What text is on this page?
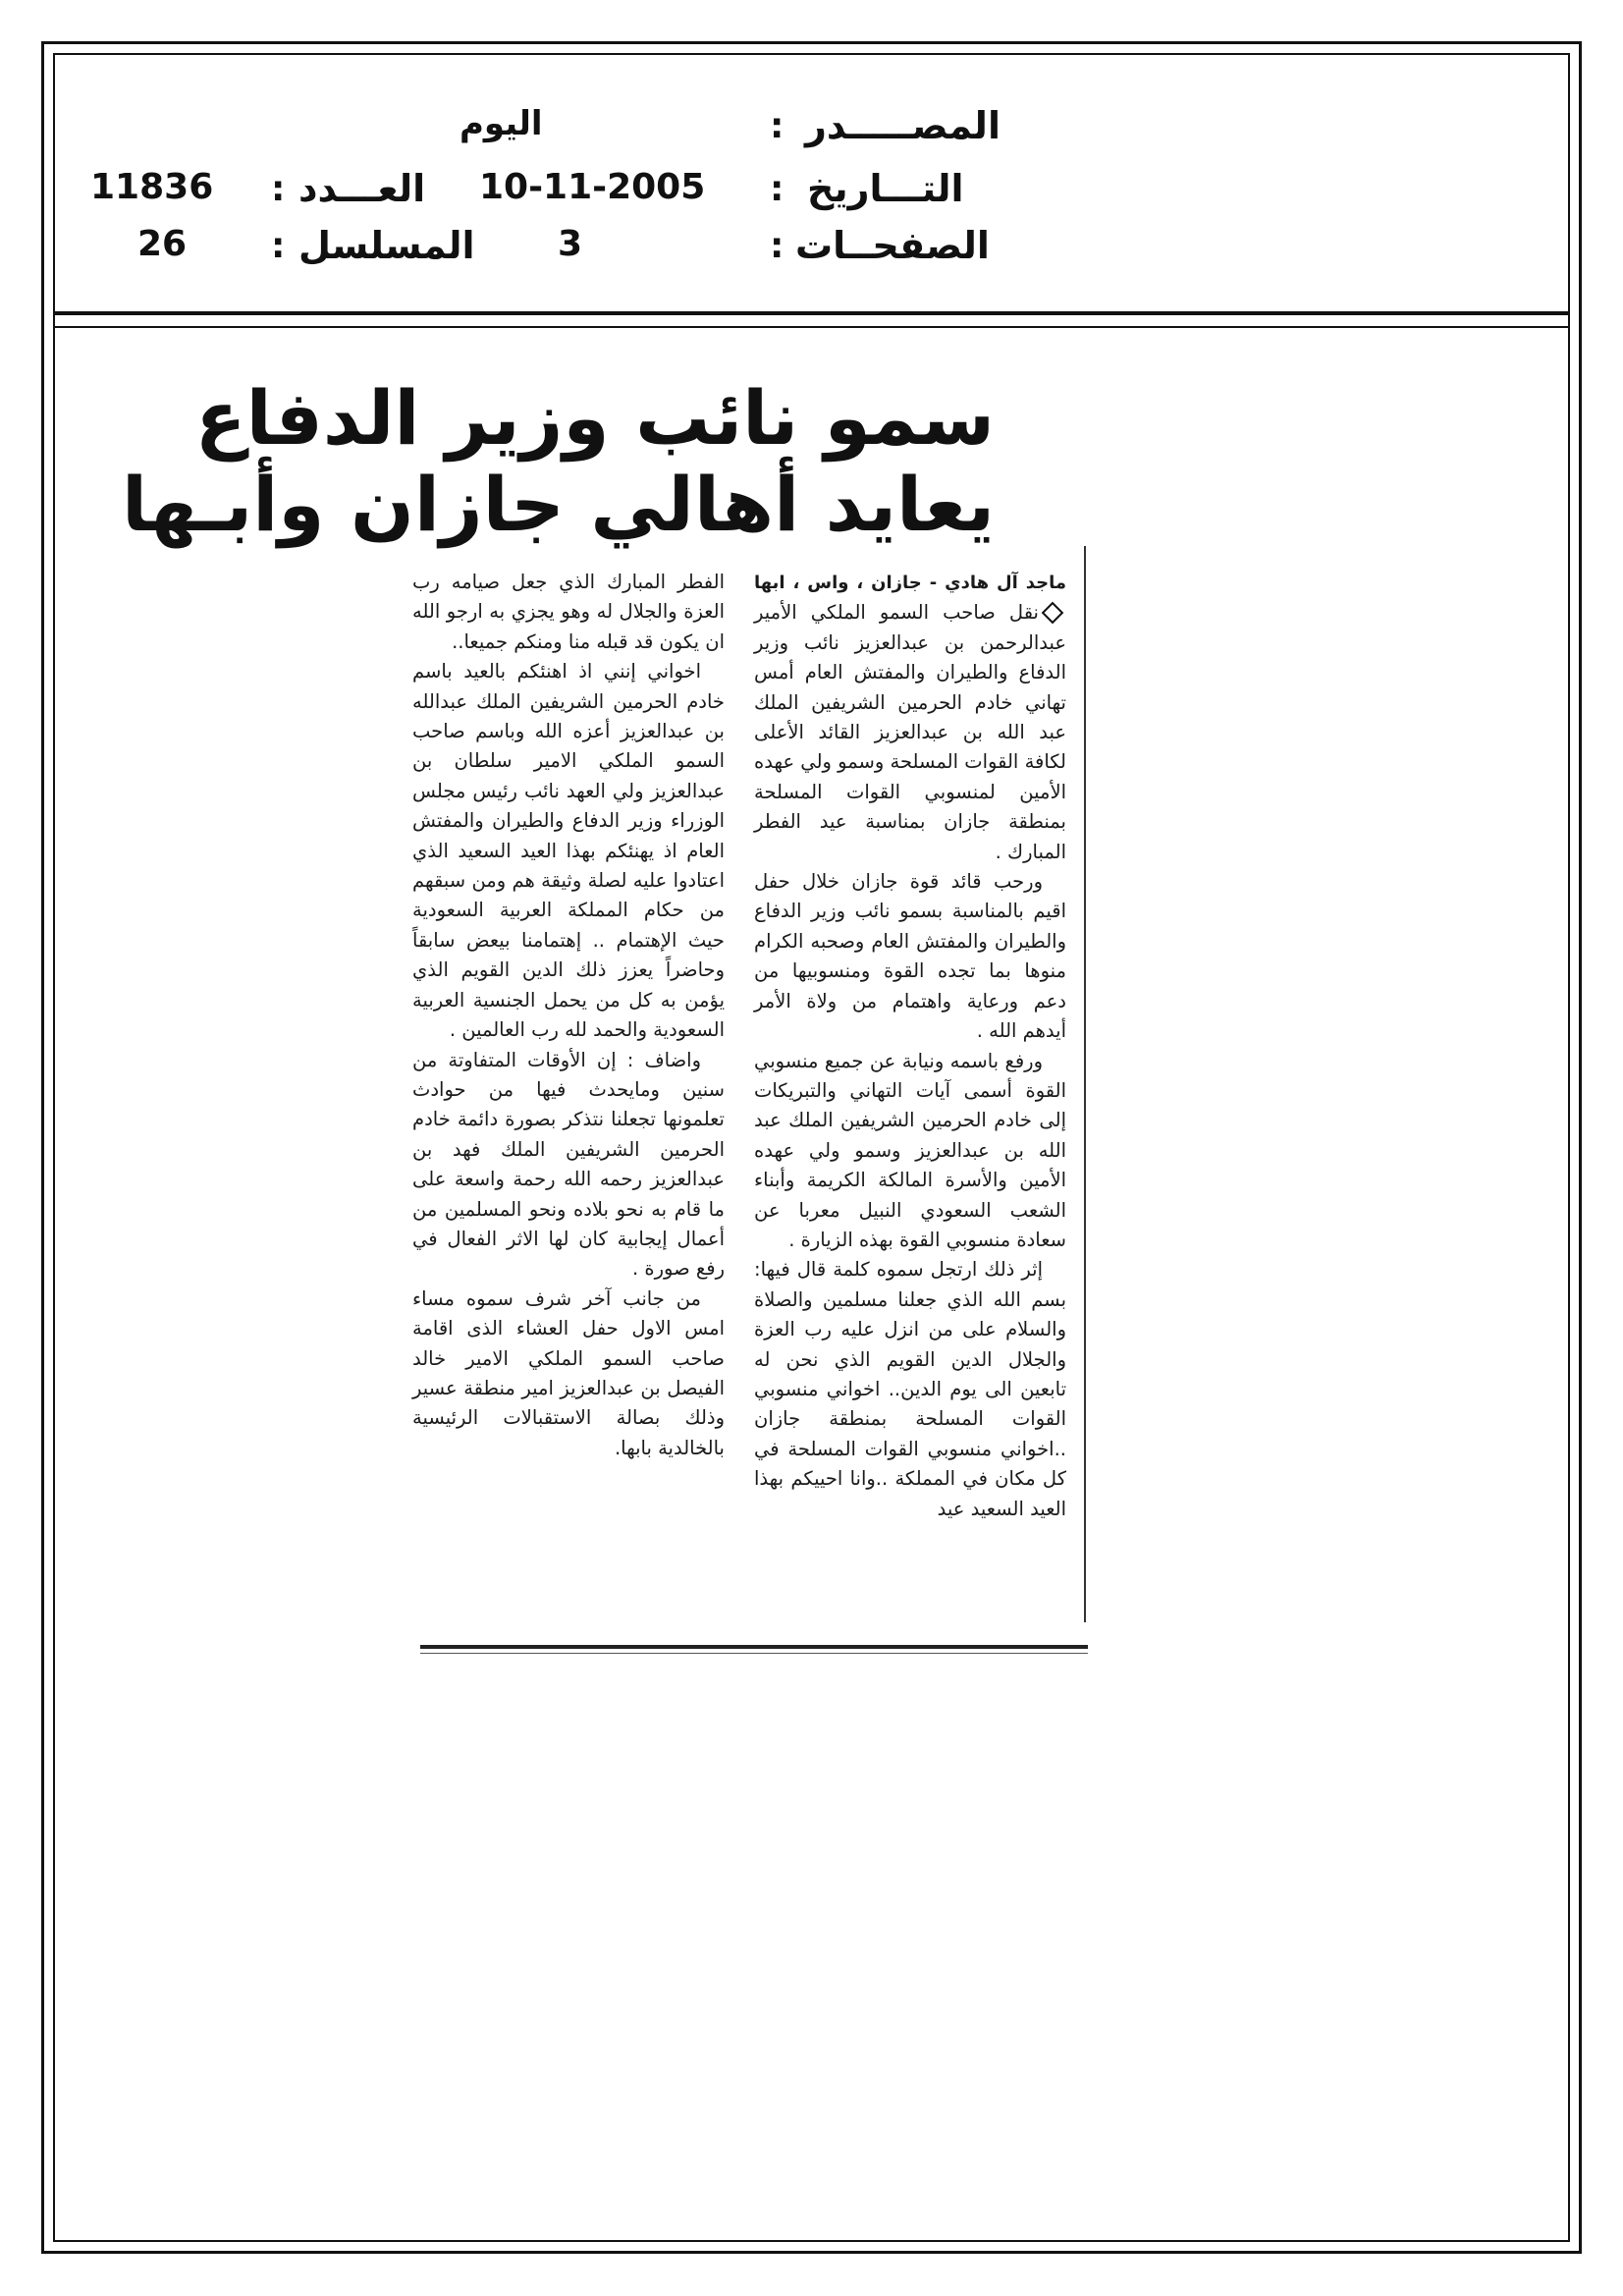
المصـــــدر
:
اليوم
التـــاريخ
:
10-11-2005
العـــدد
:
11836
الصفحــات
:
3
المسلسل
:
26
سمو نائب وزير الدفاع
يعايد أهالي جازان وأبـها

ماجد آل هادي - جازان ، واس ، ابهانقل صاحب السمو الملكي الأمير عبدالرحمن بن عبدالعزيز نائب وزير الدفاع والطيران والمفتش العام أمس تهاني خادم الحرمين الشريفين الملك عبد الله بن عبدالعزيز القائد الأعلى لكافة القوات المسلحة وسمو ولي عهده الأمين لمنسوبي القوات المسلحة بمنطقة جازان بمناسبة عيد الفطر المبارك .

ورحب قائد قوة جازان خلال حفل اقيم بالمناسبة بسمو نائب وزير الدفاع والطيران والمفتش العام وصحبه الكرام منوها بما تجده القوة ومنسوبيها من دعم ورعاية واهتمام من ولاة الأمر أيدهم الله .

ورفع باسمه ونيابة عن جميع منسوبي القوة أسمى آيات التهاني والتبريكات إلى خادم الحرمين الشريفين الملك عبد الله بن عبدالعزيز وسمو ولي عهده الأمين والأسرة المالكة الكريمة وأبناء الشعب السعودي النبيل معربا عن سعادة منسوبي القوة بهذه الزيارة .

إثر ذلك ارتجل سموه كلمة قال فيها: بسم الله الذي جعلنا مسلمين والصلاة والسلام على من انزل عليه رب العزة والجلال الدين القويم الذي نحن له تابعين الى يوم الدين.. اخواني منسوبي القوات المسلحة بمنطقة جازان ..اخواني منسوبي القوات المسلحة في كل مكان في المملكة ..وانا احييكم بهذا العيد السعيد عيد

الفطر المبارك الذي جعل صيامه رب العزة والجلال له وهو يجزي به ارجو الله ان يكون قد قبله منا ومنكم جميعا..

اخواني إنني اذ اهنئكم بالعيد باسم خادم الحرمين الشريفين الملك عبدالله بن عبدالعزيز أعزه الله وباسم صاحب السمو الملكي الامير سلطان بن عبدالعزيز ولي العهد نائب رئيس مجلس الوزراء وزير الدفاع والطيران والمفتش العام اذ يهنئكم بهذا العيد السعيد الذي اعتادوا عليه لصلة وثيقة هم ومن سبقهم من حكام المملكة العربية السعودية حيث الإهتمام .. إهتمامنا بيعض سابقاً وحاضراً يعزز ذلك الدين القويم الذي يؤمن به كل من يحمل الجنسية العربية السعودية والحمد لله رب العالمين .

واضاف : إن الأوقات المتفاوتة من سنين ومايحدث فيها من حوادث تعلمونها تجعلنا نتذكر بصورة دائمة خادم الحرمين الشريفين الملك فهد بن عبدالعزيز رحمه الله رحمة واسعة على ما قام به نحو بلاده ونحو المسلمين من أعمال إيجابية كان لها الاثر الفعال في رفع صورة .

من جانب آخر شرف سموه مساء امس الاول حفل العشاء الذى اقامة صاحب السمو الملكي الامير خالد الفيصل بن عبدالعزيز امير منطقة عسير وذلك بصالة الاستقبالات الرئيسية بالخالدية بابها.
